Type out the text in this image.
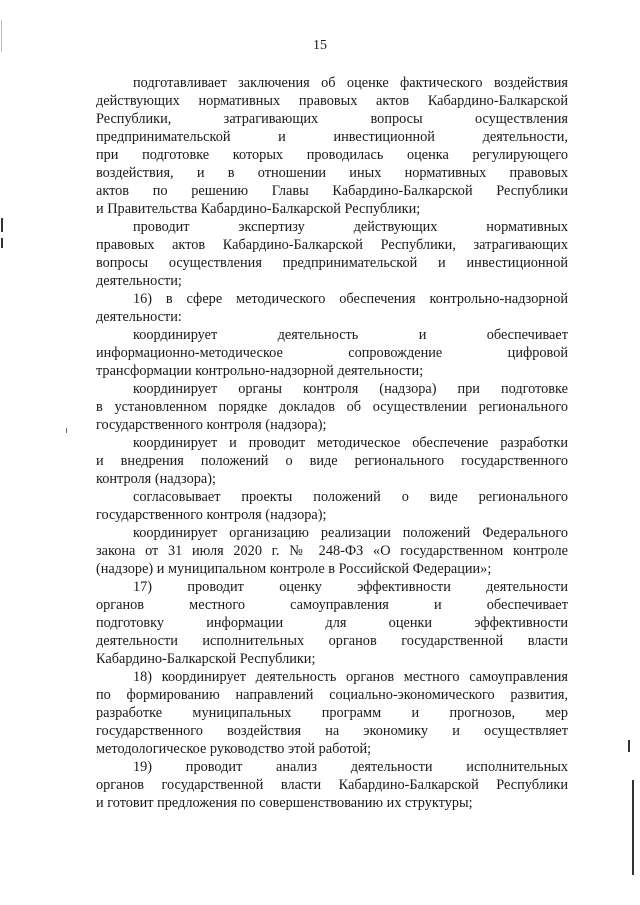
15
подготавливает заключения об оценке фактического воздействия
действующих нормативных правовых актов Кабардино-Балкарской
Республики, затрагивающих вопросы осуществления
предпринимательской и инвестиционной деятельности,
при подготовке которых проводилась оценка регулирующего
воздействия, и в отношении иных нормативных правовых
актов по решению Главы Кабардино-Балкарской Республики
и Правительства Кабардино-Балкарской Республики;
проводит экспертизу действующих нормативных
правовых актов Кабардино-Балкарской Республики, затрагивающих
вопросы осуществления предпринимательской и инвестиционной
деятельности;
16) в сфере методического обеспечения контрольно-надзорной
деятельности:
координирует деятельность и обеспечивает
информационно-методическое сопровождение цифровой
трансформации контрольно-надзорной деятельности;
координирует органы контроля (надзора) при подготовке
в установленном порядке докладов об осуществлении регионального
государственного контроля (надзора);
координирует и проводит методическое обеспечение разработки
и внедрения положений о виде регионального государственного
контроля (надзора);
согласовывает проекты положений о виде регионального
государственного контроля (надзора);
координирует организацию реализации положений Федерального
закона от 31 июля 2020 г. № 248-ФЗ «О государственном контроле
(надзоре) и муниципальном контроле в Российской Федерации»;
17) проводит оценку эффективности деятельности
органов местного самоуправления и обеспечивает
подготовку информации для оценки эффективности
деятельности исполнительных органов государственной власти
Кабардино-Балкарской Республики;
18) координирует деятельность органов местного самоуправления
по формированию направлений социально-экономического развития,
разработке муниципальных программ и прогнозов, мер
государственного воздействия на экономику и осуществляет
методологическое руководство этой работой;
19) проводит анализ деятельности исполнительных
органов государственной власти Кабардино-Балкарской Республики
и готовит предложения по совершенствованию их структуры;
